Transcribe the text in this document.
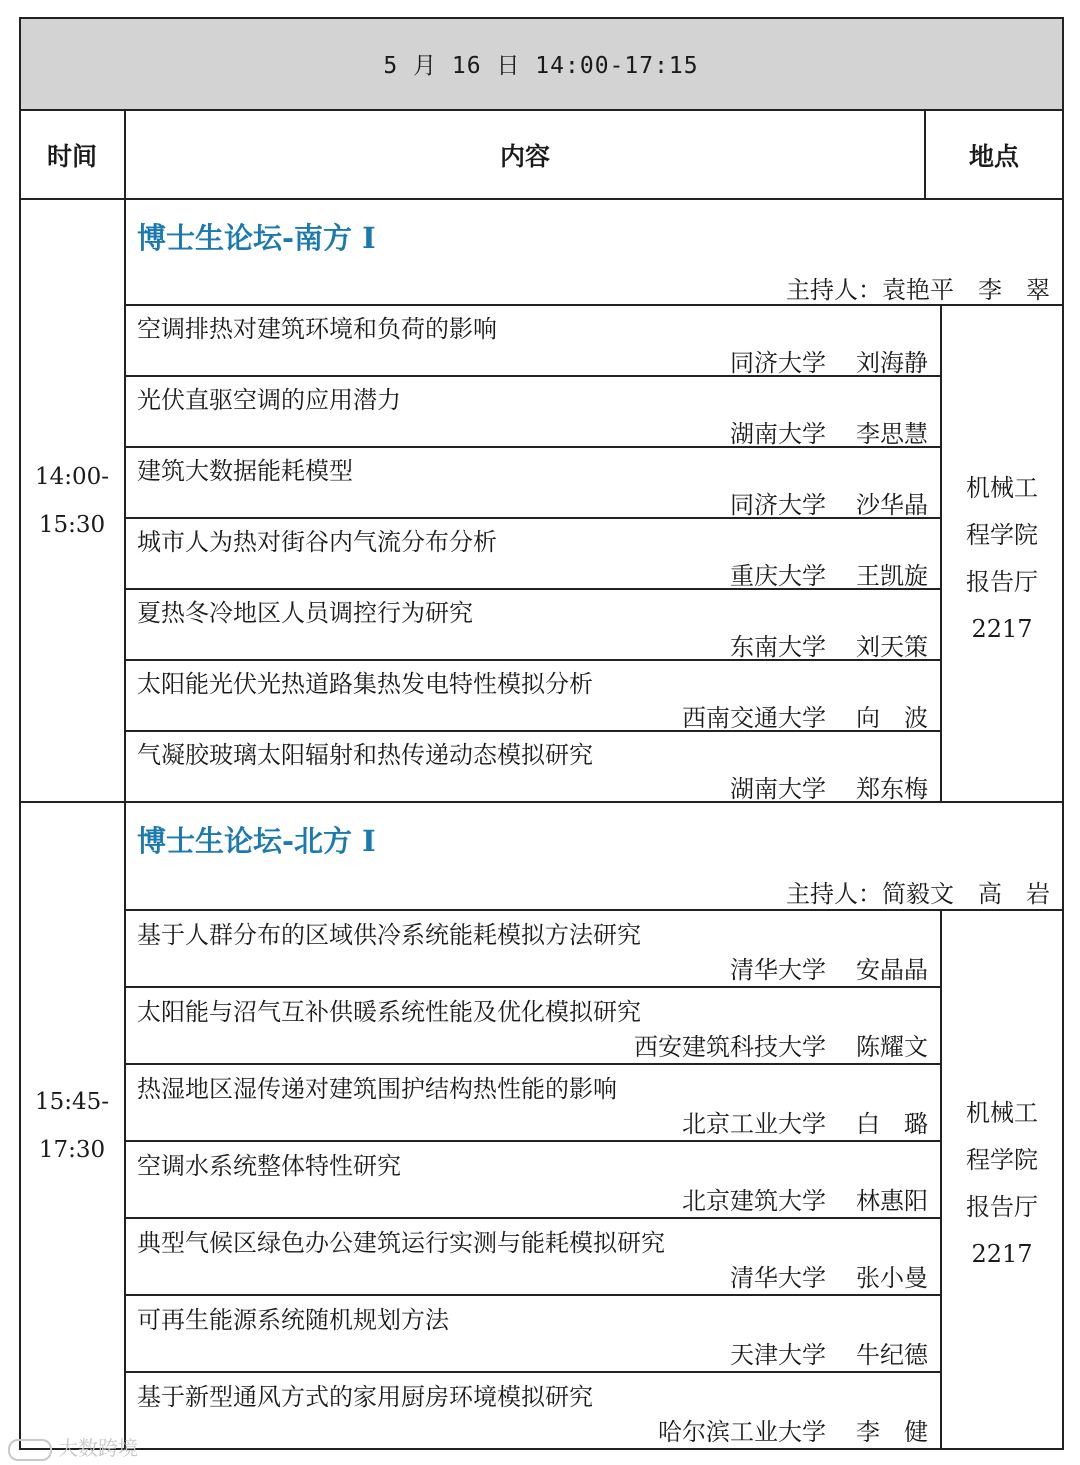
5 月 16 日 14:00-17:15
时间	内容	地点
14:00-
15:30
博士生论坛-南方 I
主持人：袁艳平　李　翠
机械工
程学院
报告厅
2217
空调排热对建筑环境和负荷的影响
同济大学 刘海静
光伏直驱空调的应用潜力
湖南大学 李思慧
建筑大数据能耗模型
同济大学 沙华晶
城市人为热对街谷内气流分布分析
重庆大学 王凯旋
夏热冬冷地区人员调控行为研究
东南大学 刘天策
太阳能光伏光热道路集热发电特性模拟分析
西南交通大学 向　波
气凝胶玻璃太阳辐射和热传递动态模拟研究
湖南大学 郑东梅
15:45-
17:30
博士生论坛-北方 I
主持人：简毅文　高　岩
机械工
程学院
报告厅
2217
基于人群分布的区域供冷系统能耗模拟方法研究
清华大学 安晶晶
太阳能与沼气互补供暖系统性能及优化模拟研究
西安建筑科技大学 陈耀文
热湿地区湿传递对建筑围护结构热性能的影响
北京工业大学 白　璐
空调水系统整体特性研究
北京建筑大学 林惠阳
典型气候区绿色办公建筑运行实测与能耗模拟研究
清华大学 张小曼
可再生能源系统随机规划方法
天津大学 牛纪德
基于新型通风方式的家用厨房环境模拟研究
哈尔滨工业大学 李　健
大数跨境
